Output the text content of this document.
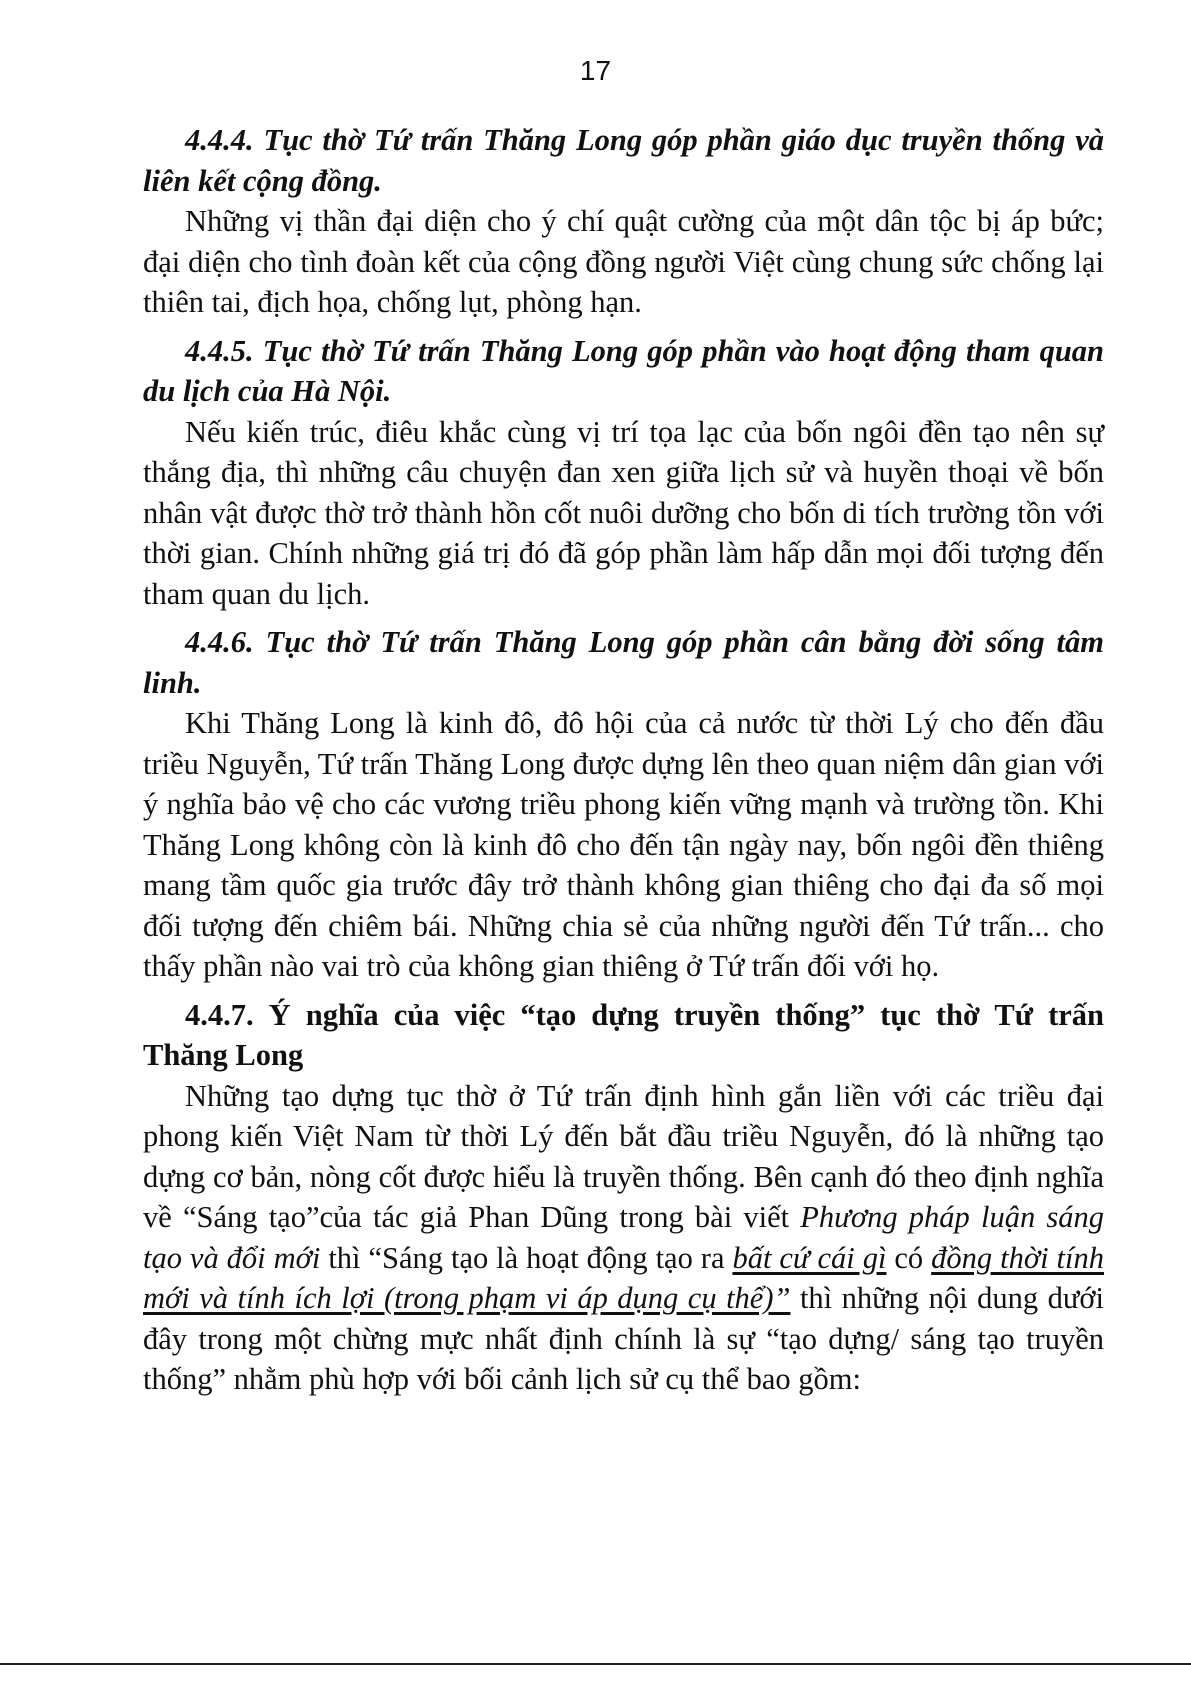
17

4.4.4. Tục thờ Tứ trấn Thăng Long góp phần giáo dục truyền thống và liên kết cộng đồng.

Những vị thần đại diện cho ý chí quật cường của một dân tộc bị áp bức; đại diện cho tình đoàn kết của cộng đồng người Việt cùng chung sức chống lại thiên tai, địch họa, chống lụt, phòng hạn.

4.4.5. Tục thờ Tứ trấn Thăng Long góp phần vào hoạt động tham quan du lịch của Hà Nội.

Nếu kiến trúc, điêu khắc cùng vị trí tọa lạc của bốn ngôi đền tạo nên sự thắng địa, thì những câu chuyện đan xen giữa lịch sử và huyền thoại về bốn nhân vật được thờ trở thành hồn cốt nuôi dưỡng cho bốn di tích trường tồn với thời gian. Chính những giá trị đó đã góp phần làm hấp dẫn mọi đối tượng đến tham quan du lịch.

4.4.6. Tục thờ Tứ trấn Thăng Long góp phần cân bằng đời sống tâm linh.

Khi Thăng Long là kinh đô, đô hội của cả nước từ thời Lý cho đến đầu triều Nguyễn, Tứ trấn Thăng Long được dựng lên theo quan niệm dân gian với ý nghĩa bảo vệ cho các vương triều phong kiến vững mạnh và trường tồn. Khi Thăng Long không còn là kinh đô cho đến tận ngày nay, bốn ngôi đền thiêng mang tầm quốc gia trước đây trở thành không gian thiêng cho đại đa số mọi đối tượng đến chiêm bái. Những chia sẻ của những người đến Tứ trấn... cho thấy phần nào vai trò của không gian thiêng ở Tứ trấn đối với họ.

4.4.7. Ý nghĩa của việc “tạo dựng truyền thống” tục thờ Tứ trấn Thăng Long

Những tạo dựng tục thờ ở Tứ trấn định hình gắn liền với các triều đại phong kiến Việt Nam từ thời Lý đến bắt đầu triều Nguyễn, đó là những tạo dựng cơ bản, nòng cốt được hiểu là truyền thống. Bên cạnh đó theo định nghĩa về “Sáng tạo”của tác giả Phan Dũng trong bài viết Phương pháp luận sáng tạo và đổi mới thì “Sáng tạo là hoạt động tạo ra bất cứ cái gì có đồng thời tính mới và tính ích lợi (trong phạm vi áp dụng cụ thể)” thì những nội dung dưới đây trong một chừng mực nhất định chính là sự “tạo dựng/ sáng tạo truyền thống” nhằm phù hợp với bối cảnh lịch sử cụ thể bao gồm:
